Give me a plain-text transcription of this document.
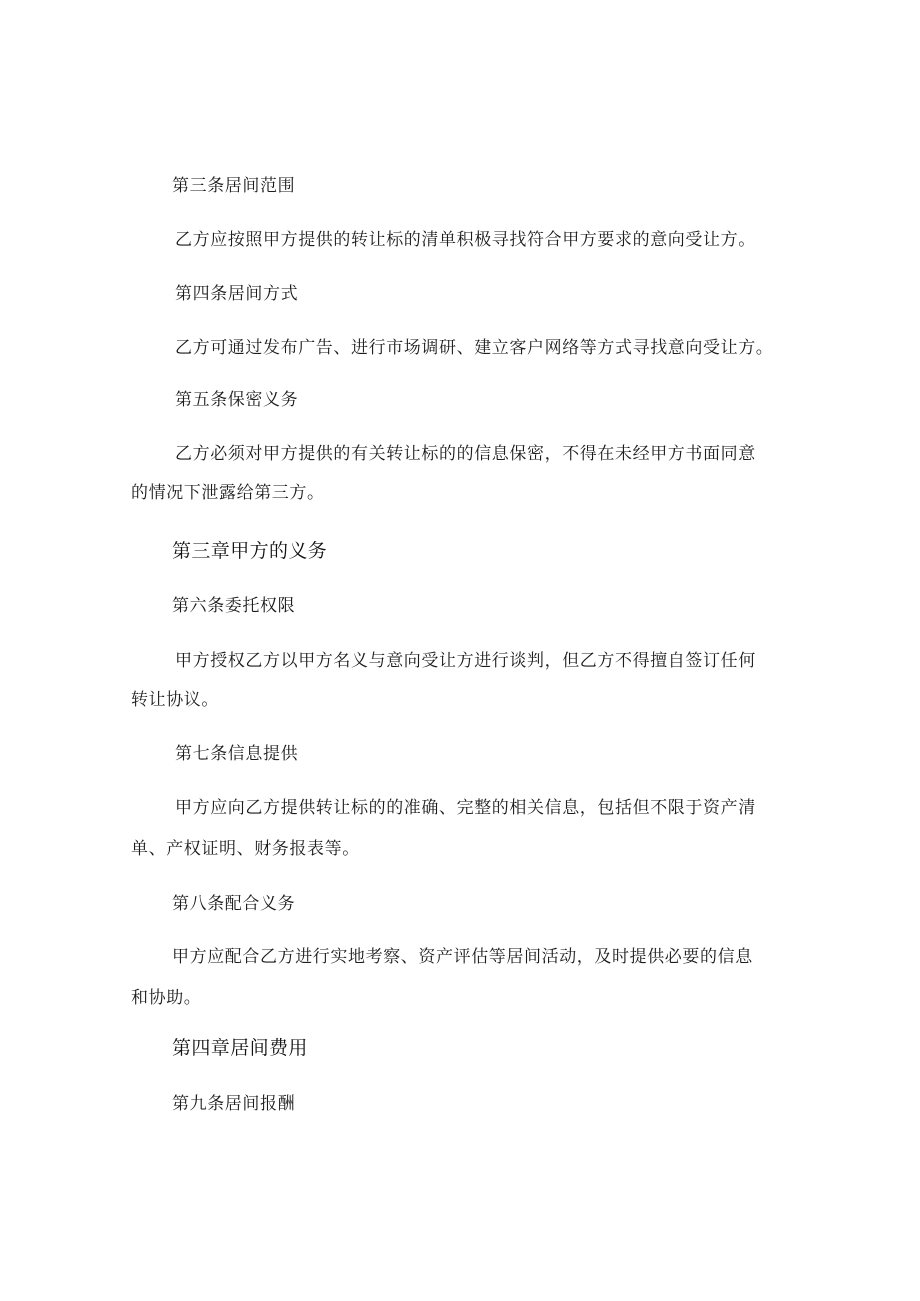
第三条居间范围
乙方应按照甲方提供的转让标的清单积极寻找符合甲方要求的意向受让方。
第四条居间方式
乙方可通过发布广告、进行市场调研、建立客户网络等方式寻找意向受让方。
第五条保密义务
乙方必须对甲方提供的有关转让标的的信息保密，不得在未经甲方书面同意
的情况下泄露给第三方。
第三章甲方的义务
第六条委托权限
甲方授权乙方以甲方名义与意向受让方进行谈判，但乙方不得擅自签订任何
转让协议。
第七条信息提供
甲方应向乙方提供转让标的的准确、完整的相关信息，包括但不限于资产清
单、产权证明、财务报表等。
第八条配合义务
甲方应配合乙方进行实地考察、资产评估等居间活动，及时提供必要的信息
和协助。
第四章居间费用
第九条居间报酬
